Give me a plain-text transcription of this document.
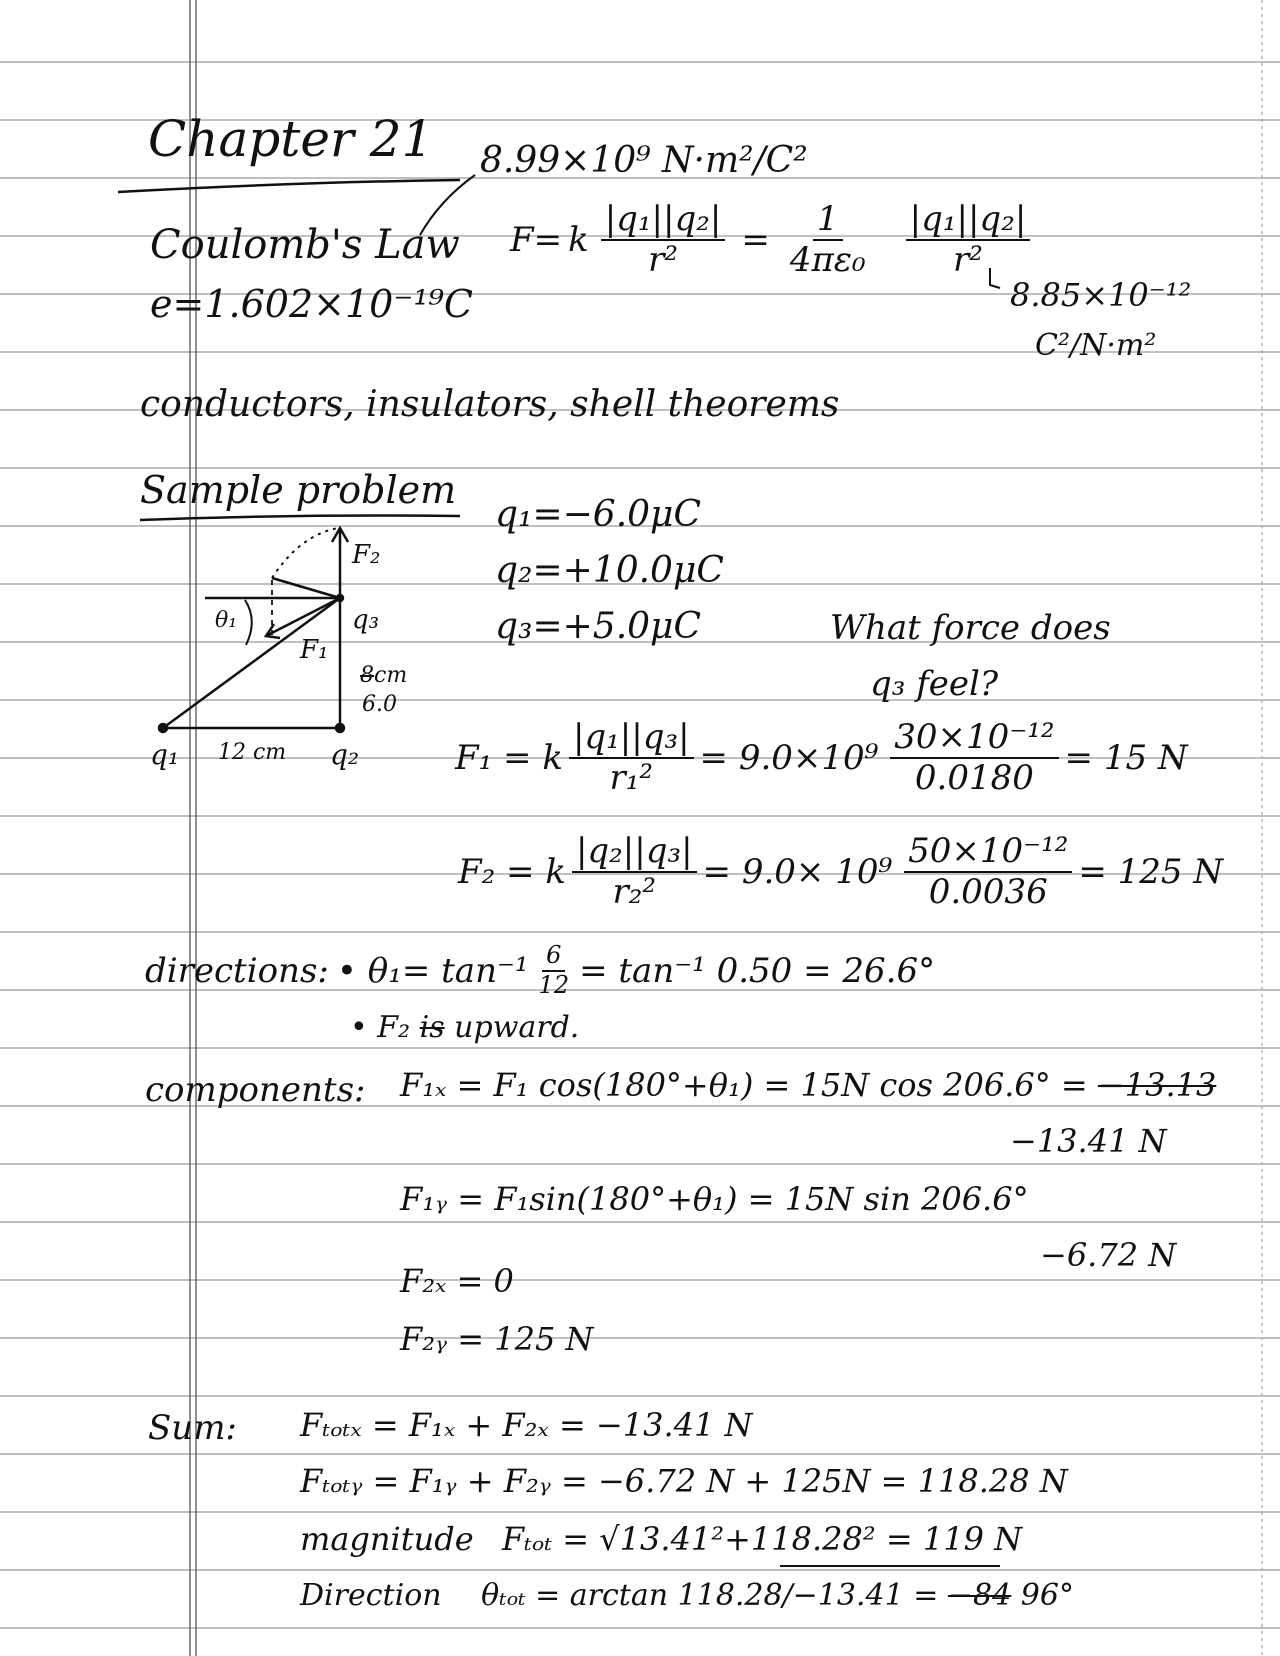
Chapter 21 8.99×10⁹ N·m²/C²
Coulomb's Law F= k $\frac{\text{|q₁||q₂|}}{\text{r²}} = \frac{1}{\text{4πε₀}} \frac{\text{|q₁||q₂|}}{\text{r²}}$
e=1.602×10⁻¹⁹C	8.85×10⁻¹²
C²/N·m²
conductors, insulators, shell theorems
Sample problem
q₁=−6.0μC
q₂=+10.0μC
q₃=+5.0μC	What force does
q₃ feel?
F₂
q₃
θ₁
F₁
8cm
6.0
q₁ 12 cm q₂	F₁ = k $\frac{\text{|q₁||q₃|}}{\text{r₁²}} = 9.0\times 10^9 \frac{\text{30×10⁻¹²}}{0.0180} = 15$ N
F₂ = k $\frac{\text{|q₂||q₃|}}{\text{r₂²}} = 9.0\times 10^9 \frac{\text{50×10⁻¹²}}{0.0036} = 125$ N
directions: • $\theta_1= \tan^{-1} \frac{6}{12} = \tan^{-1}$ 0.50 = 26.6°
• F₂ is upward.
components: F₁ₓ = F₁ cos(180°+θ₁) = 15N cos 206.6° = −13.13
−13.41 N
F₁ᵧ = F₁sin(180°+θ₁) = 15N sin 206.6°
−6.72 N
F₂ₓ = 0
F₂ᵧ = 125 N
Sum: Fₜₒₜₓ = F₁ₓ + F₂ₓ = −13.41 N
Fₜₒₜᵧ = F₁ᵧ + F₂ᵧ = −6.72 N + 125N = 118.28 N
magnitude Fₜₒₜ = √13.41²+118.28² = 119 N
Direction θₜₒₜ = arctan 118.28/−13.41 = −84 96°
